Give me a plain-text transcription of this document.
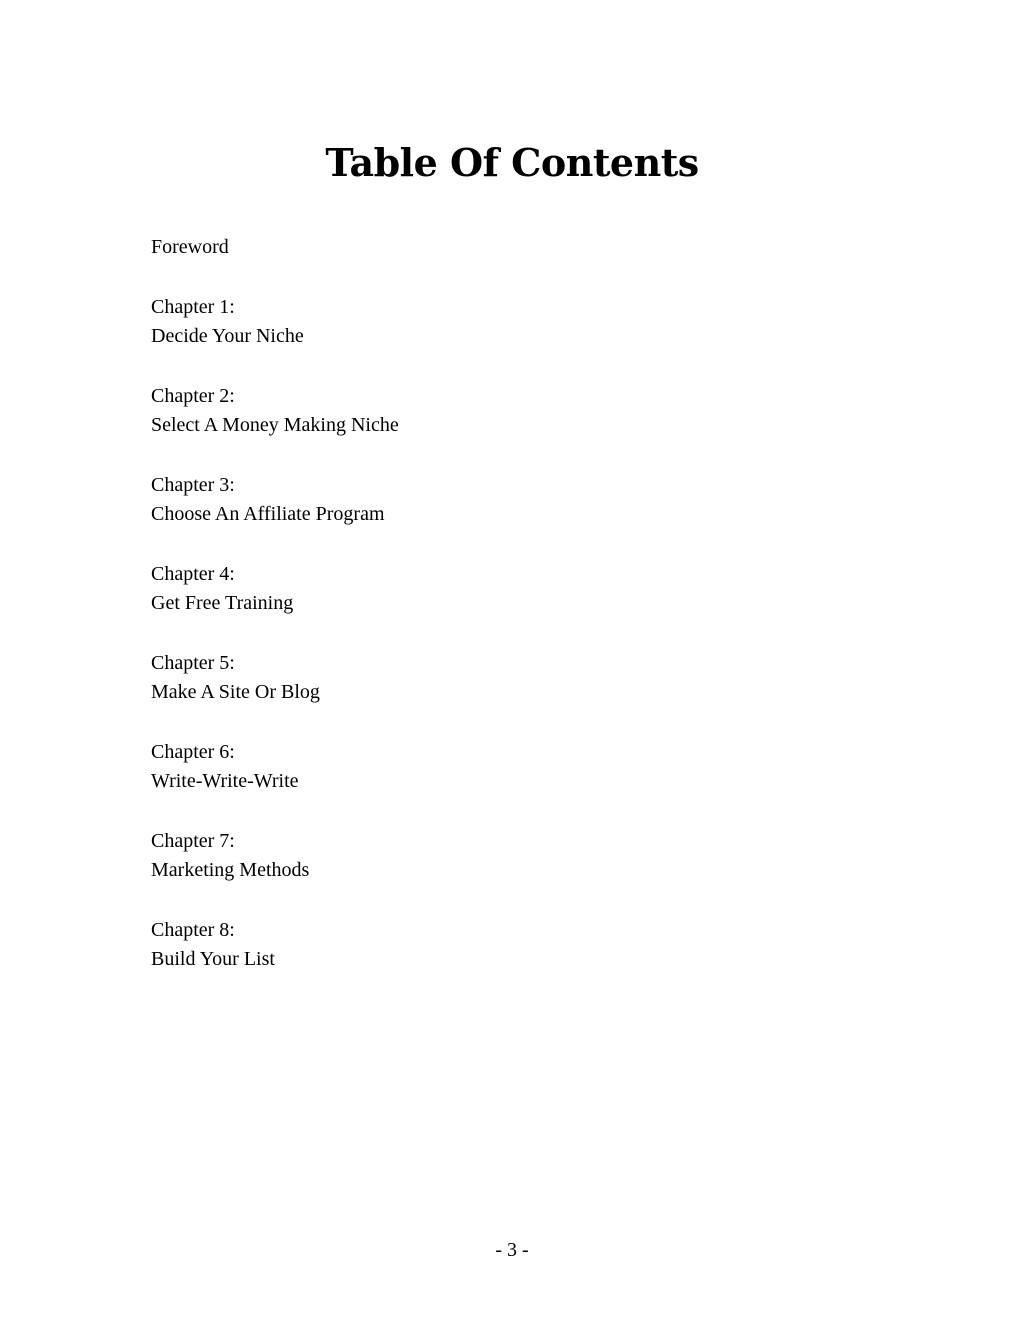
Table Of Contents
Foreword
Chapter 1:
Decide Your Niche
Chapter 2:
Select A Money Making Niche
Chapter 3:
Choose An Affiliate Program
Chapter 4:
Get Free Training
Chapter 5:
Make A Site Or Blog
Chapter 6:
Write-Write-Write
Chapter 7:
Marketing Methods
Chapter 8:
Build Your List
- 3 -
